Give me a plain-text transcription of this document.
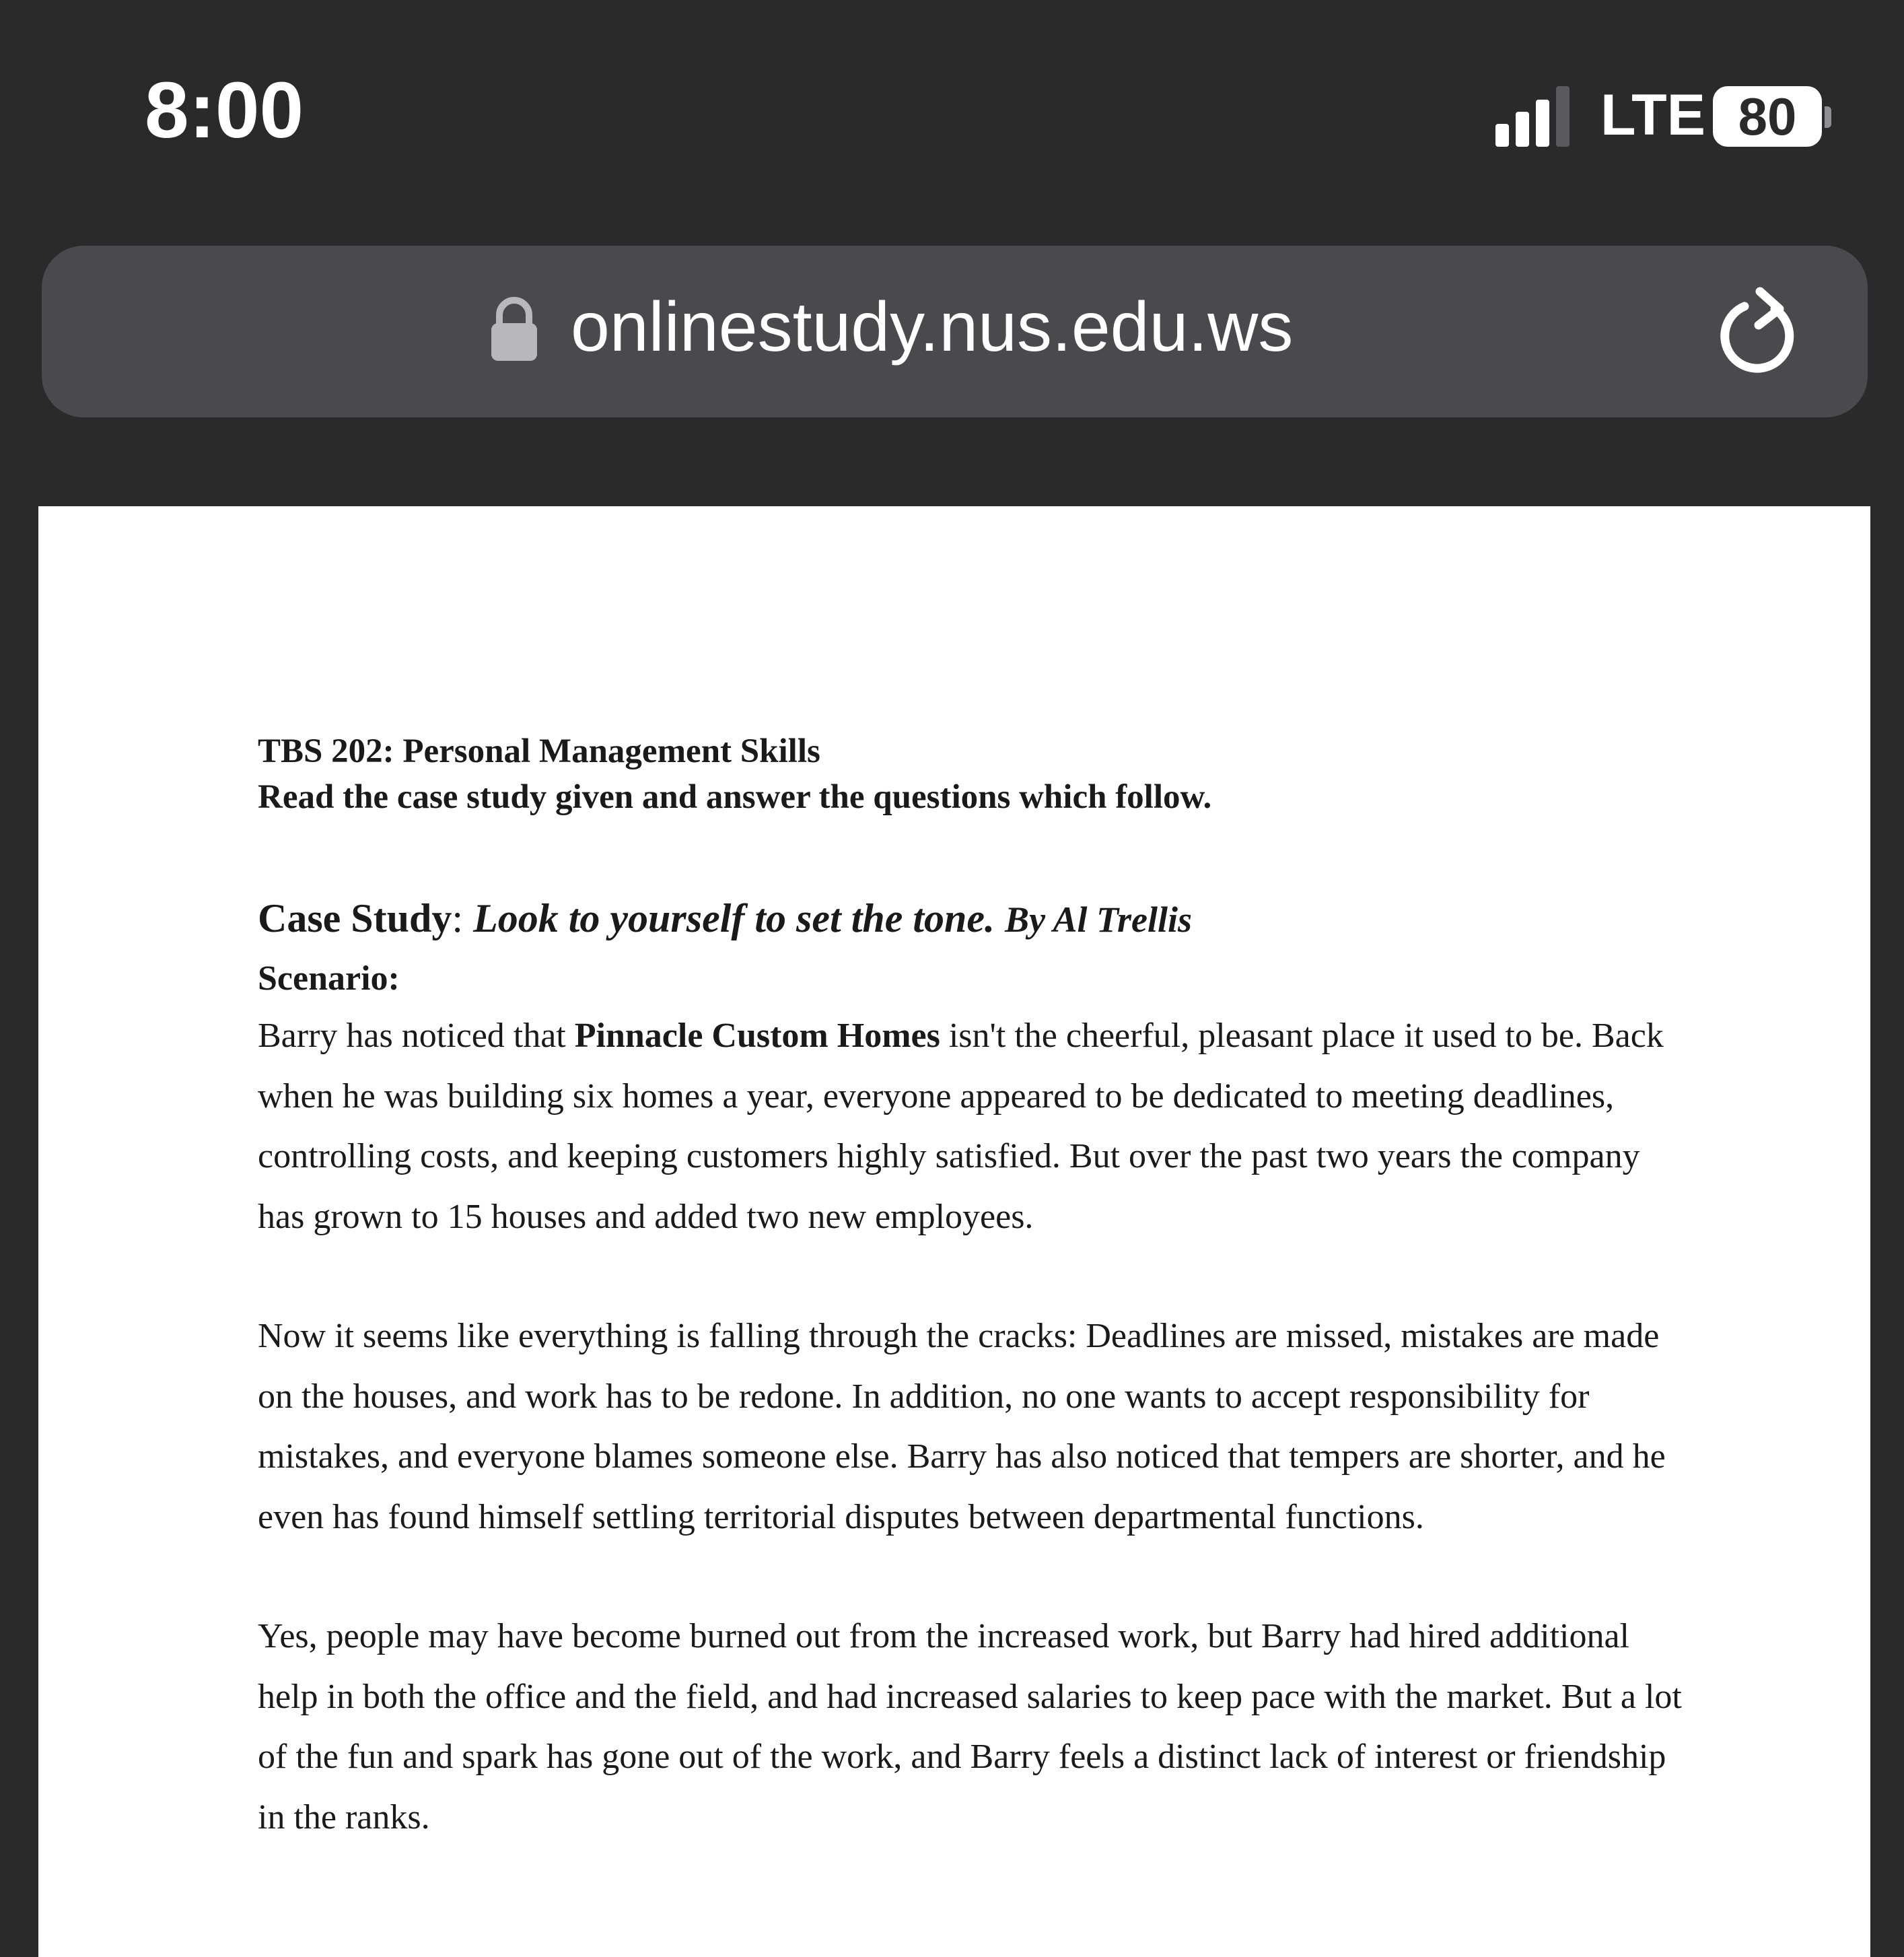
8:00	LTE 80
onlinestudy.nus.edu.ws

TBS 202: Personal Management Skills

Read the case study given and answer the questions which follow.

Case Study: Look to yourself to set the tone. By Al Trellis

Scenario:

Barry has noticed that Pinnacle Custom Homes isn't the cheerful, pleasant place it used to be. Back when he was building six homes a year, everyone appeared to be dedicated to meeting deadlines, controlling costs, and keeping customers highly satisfied. But over the past two years the company has grown to 15 houses and added two new employees.

Now it seems like everything is falling through the cracks: Deadlines are missed, mistakes are made on the houses, and work has to be redone. In addition, no one wants to accept responsibility for mistakes, and everyone blames someone else. Barry has also noticed that tempers are shorter, and he even has found himself settling territorial disputes between departmental functions.

Yes, people may have become burned out from the increased work, but Barry had hired additional help in both the office and the field, and had increased salaries to keep pace with the market. But a lot of the fun and spark has gone out of the work, and Barry feels a distinct lack of interest or friendship in the ranks.
